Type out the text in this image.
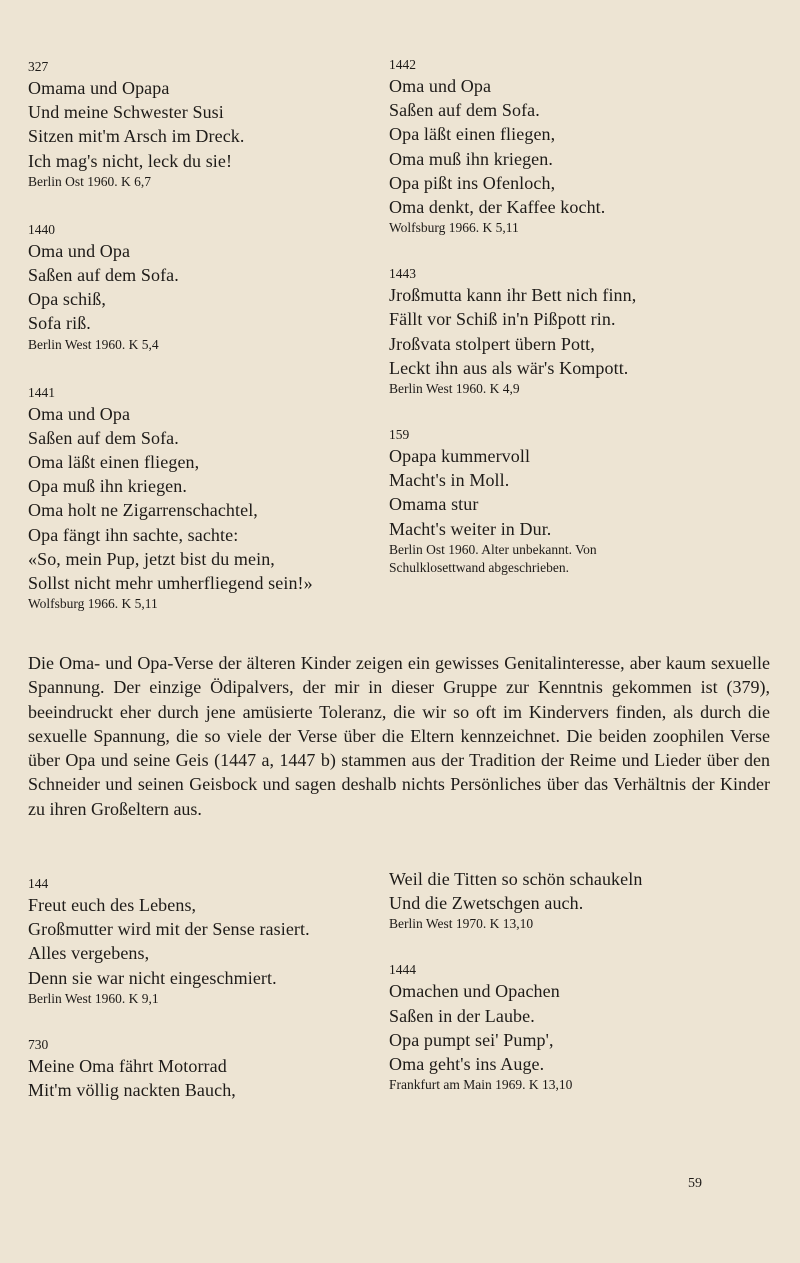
327
Omama und Opapa
Und meine Schwester Susi
Sitzen mit'm Arsch im Dreck.
Ich mag's nicht, leck du sie!
Berlin Ost 1960. K 6,7
1440
Oma und Opa
Saßen auf dem Sofa.
Opa schiß,
Sofa riß.
Berlin West 1960. K 5,4
1441
Oma und Opa
Saßen auf dem Sofa.
Oma läßt einen fliegen,
Opa muß ihn kriegen.
Oma holt ne Zigarrenschachtel,
Opa fängt ihn sachte, sachte:
«So, mein Pup, jetzt bist du mein,
Sollst nicht mehr umherfliegend sein!»
Wolfsburg 1966. K 5,11
1442
Oma und Opa
Saßen auf dem Sofa.
Opa läßt einen fliegen,
Oma muß ihn kriegen.
Opa pißt ins Ofenloch,
Oma denkt, der Kaffee kocht.
Wolfsburg 1966. K 5,11
1443
Jroßmutta kann ihr Bett nich finn,
Fällt vor Schiß in'n Pißpott rin.
Jroßvata stolpert übern Pott,
Leckt ihn aus als wär's Kompott.
Berlin West 1960. K 4,9
159
Opapa kummervoll
Macht's in Moll.
Omama stur
Macht's weiter in Dur.
Berlin Ost 1960. Alter unbekannt. Von
Schulklosettwand abgeschrieben.

Die Oma- und Opa-Verse der älteren Kinder zeigen ein gewisses Genitalinteresse, aber kaum sexuelle Spannung. Der einzige Ödipalvers, der mir in dieser Gruppe zur Kenntnis gekommen ist (379), beeindruckt eher durch jene amüsierte Toleranz, die wir so oft im Kindervers finden, als durch die sexuelle Spannung, die so viele der Verse über die Eltern kennzeichnet. Die beiden zoophilen Verse über Opa und seine Geis (1447 a, 1447 b) stammen aus der Tradition der Reime und Lieder über den Schneider und seinen Geisbock und sagen deshalb nichts Persönliches über das Verhältnis der Kinder zu ihren Großeltern aus.

144
Freut euch des Lebens,
Großmutter wird mit der Sense rasiert.
Alles vergebens,
Denn sie war nicht eingeschmiert.
Berlin West 1960. K 9,1
730
Meine Oma fährt Motorrad
Mit'm völlig nackten Bauch,
Weil die Titten so schön schaukeln
Und die Zwetschgen auch.
Berlin West 1970. K 13,10
1444
Omachen und Opachen
Saßen in der Laube.
Opa pumpt sei' Pump',
Oma geht's ins Auge.
Frankfurt am Main 1969. K 13,10
59
